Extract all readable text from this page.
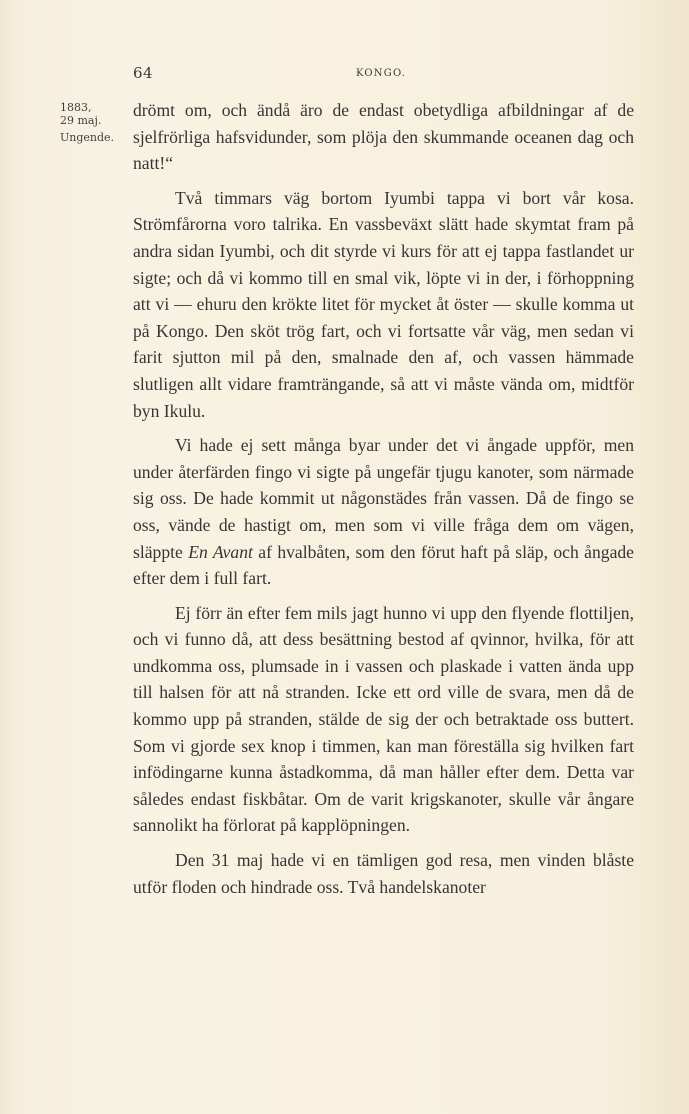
64	KONGO.
1883,
29 maj.
Ungende.

drömt om, och ändå äro de endast obetydliga afbildningar af de sjelfrörliga hafsvidunder, som plöja den skummande oceanen dag och natt!“

Två timmars väg bortom Iyumbi tappa vi bort vår kosa. Strömfårorna voro talrika. En vassbeväxt slätt hade skymtat fram på andra sidan Iyumbi, och dit styrde vi kurs för att ej tappa fastlandet ur sigte; och då vi kommo till en smal vik, löpte vi in der, i förhoppning att vi — ehuru den krökte litet för mycket åt öster — skulle komma ut på Kongo. Den sköt trög fart, och vi fortsatte vår väg, men sedan vi farit sjutton mil på den, smalnade den af, och vassen hämmade slutligen allt vidare framträngande, så att vi måste vända om, midtför byn Ikulu.

Vi hade ej sett många byar under det vi ångade uppför, men under återfärden fingo vi sigte på ungefär tjugu kanoter, som närmade sig oss. De hade kommit ut någonstädes från vassen. Då de fingo se oss, vände de hastigt om, men som vi ville fråga dem om vägen, släppte En Avant af hvalbåten, som den förut haft på släp, och ångade efter dem i full fart.

Ej förr än efter fem mils jagt hunno vi upp den flyende flottiljen, och vi funno då, att dess besättning bestod af qvinnor, hvilka, för att undkomma oss, plumsade in i vassen och plaskade i vatten ända upp till halsen för att nå stranden. Icke ett ord ville de svara, men då de kommo upp på stranden, stälde de sig der och betraktade oss buttert. Som vi gjorde sex knop i timmen, kan man föreställa sig hvilken fart infödingarne kunna åstadkomma, då man håller efter dem. Detta var således endast fiskbåtar. Om de varit krigskanoter, skulle vår ångare sannolikt ha förlorat på kapplöpningen.

Den 31 maj hade vi en tämligen god resa, men vinden blåste utför floden och hindrade oss. Två handelskanoter
